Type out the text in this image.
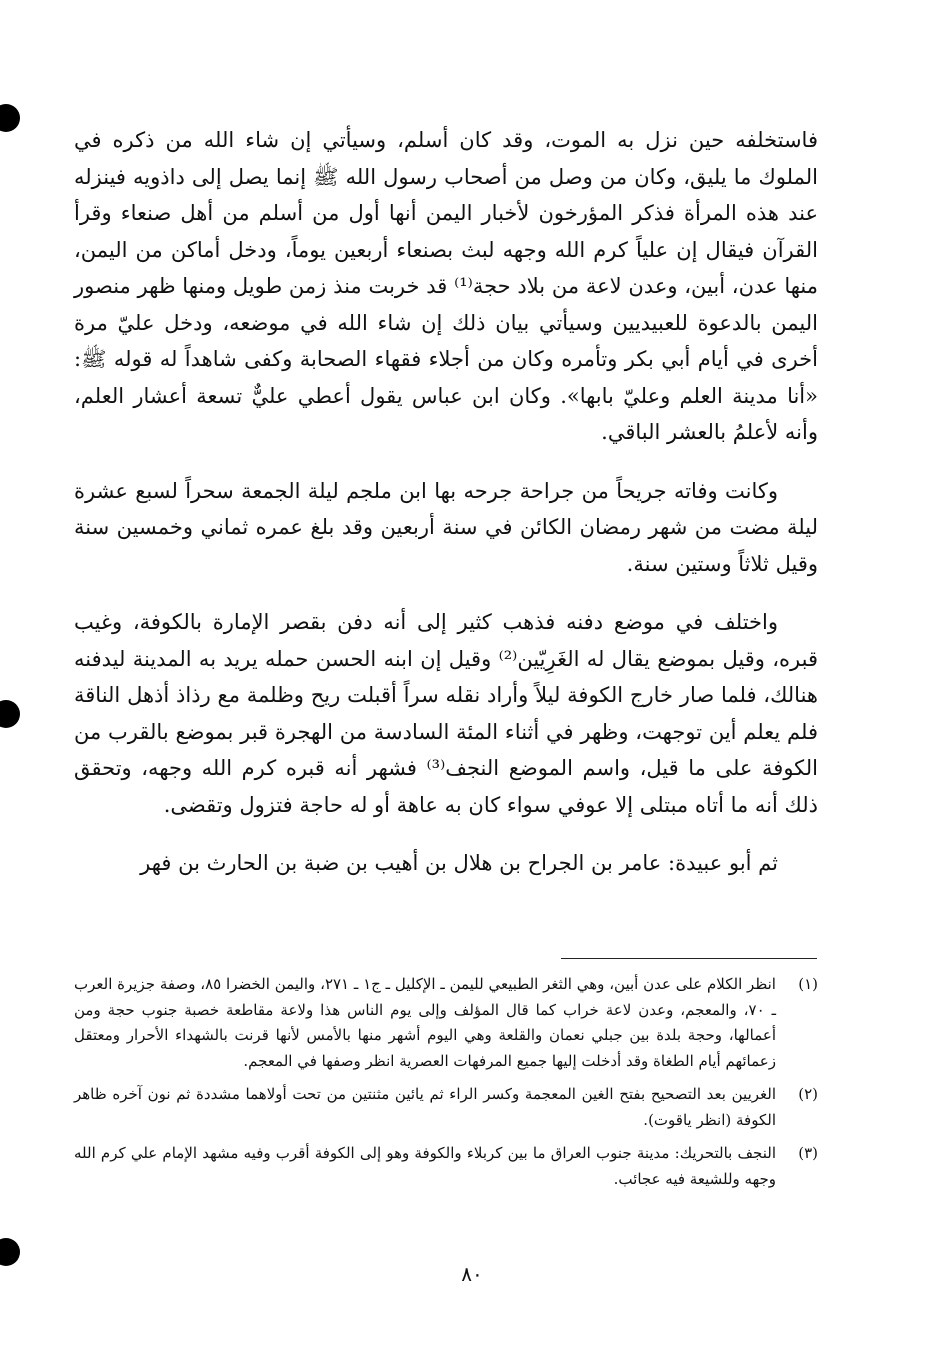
فاستخلفه حين نزل به الموت، وقد كان أسلم، وسيأتي إن شاء الله من ذكره في الملوك ما يليق، وكان من وصل من أصحاب رسول الله ﷺ إنما يصل إلى داذويه فينزله عند هذه المرأة فذكر المؤرخون لأخبار اليمن أنها أول من أسلم من أهل صنعاء وقرأ القرآن فيقال إن علياً كرم الله وجهه لبث بصنعاء أربعين يوماً، ودخل أماكن من اليمن، منها عدن، أبين، وعدن لاعة من بلاد حجة⁽¹⁾ قد خربت منذ زمن طويل ومنها ظهر منصور اليمن بالدعوة للعبيديين وسيأتي بيان ذلك إن شاء الله في موضعه، ودخل عليّ مرة أخرى في أيام أبي بكر وتأمره وكان من أجلاء فقهاء الصحابة وكفى شاهداً له قوله ﷺ: «أنا مدينة العلم وعليّ بابها». وكان ابن عباس يقول أعطي عليٌّ تسعة أعشار العلم، وأنه لأعلمُ بالعشر الباقي.

وكانت وفاته جريحاً من جراحة جرحه بها ابن ملجم ليلة الجمعة سحراً لسبع عشرة ليلة مضت من شهر رمضان الكائن في سنة أربعين وقد بلغ عمره ثماني وخمسين سنة وقيل ثلاثاً وستين سنة.

واختلف في موضع دفنه فذهب كثير إلى أنه دفن بقصر الإمارة بالكوفة، وغيب قبره، وقيل بموضع يقال له الغَرِيّين⁽²⁾ وقيل إن ابنه الحسن حمله يريد به المدينة ليدفنه هنالك، فلما صار خارج الكوفة ليلاً وأراد نقله سراً أقبلت ريح وظلمة مع رذاذ أذهل الناقة فلم يعلم أين توجهت، وظهر في أثناء المئة السادسة من الهجرة قبر بموضع بالقرب من الكوفة على ما قيل، واسم الموضع النجف⁽³⁾ فشهر أنه قبره كرم الله وجهه، وتحقق ذلك أنه ما أتاه مبتلى إلا عوفي سواء كان به عاهة أو له حاجة فتزول وتقضى.

ثم أبو عبيدة: عامر بن الجراح بن هلال بن أهيب بن ضبة بن الحارث بن فهر

(١)
انظر الكلام على عدن أبين، وهي الثغر الطبيعي لليمن ـ الإكليل ـ ج١ ـ ٢٧١، واليمن الخضرا ٨٥، وصفة جزيرة العرب ـ ٧٠، والمعجم، وعدن لاعة خراب كما قال المؤلف وإلى يوم الناس هذا ولاعة مقاطعة خصبة جنوب حجة ومن أعمالها، وحجة بلدة بين جبلي نعمان والقلعة وهي اليوم أشهر منها بالأمس لأنها قرنت بالشهداء الأحرار ومعتقل زعمائهم أيام الطغاة وقد أدخلت إليها جميع المرفهات العصرية انظر وصفها في المعجم.
(٢)
الغريين بعد التصحيح بفتح الغين المعجمة وكسر الراء ثم يائين مثنتين من تحت أولاهما مشددة ثم نون آخره ظاهر الكوفة (انظر ياقوت).
(٣)
النجف بالتحريك: مدينة جنوب العراق ما بين كربلاء والكوفة وهو إلى الكوفة أقرب وفيه مشهد الإمام علي كرم الله وجهه وللشيعة فيه عجائب.
٨٠
